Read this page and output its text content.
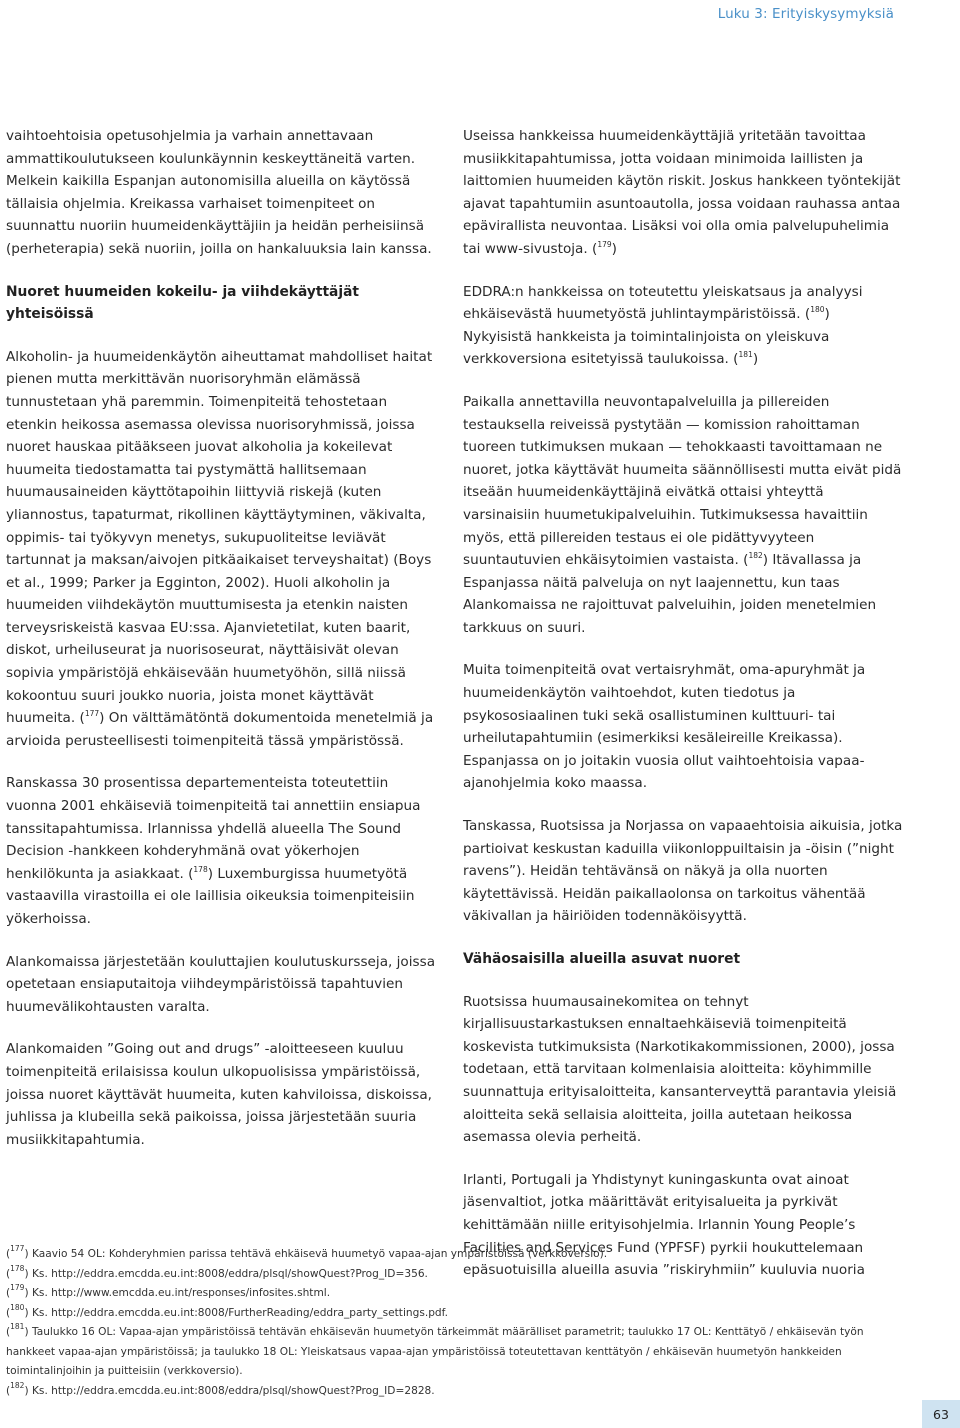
Luku 3: Erityiskysymyksiä

vaihtoehtoisia opetusohjelmia ja varhain annettavaan ammattikoulutukseen koulunkäynnin keskeyttäneitä varten. Melkein kaikilla Espanjan autonomisilla alueilla on käytössä tällaisia ohjelmia. Kreikassa varhaiset toimenpiteet on suunnattu nuoriin huumeidenkäyttäjiin ja heidän perheisiinsä (perheterapia) sekä nuoriin, joilla on hankaluuksia lain kanssa.

Nuoret huumeiden kokeilu- ja viihdekäyttäjät yhteisöissä

Alkoholin- ja huumeidenkäytön aiheuttamat mahdolliset haitat pienen mutta merkittävän nuorisoryhmän elämässä tunnustetaan yhä paremmin. Toimenpiteitä tehostetaan etenkin heikossa asemassa olevissa nuorisoryhmissä, joissa nuoret hauskaa pitääkseen juovat alkoholia ja kokeilevat huumeita tiedostamatta tai pystymättä hallitsemaan huumausaineiden käyttötapoihin liittyviä riskejä (kuten yliannostus, tapaturmat, rikollinen käyttäytyminen, väkivalta, oppimis- tai työkyvyn menetys, sukupuoliteitse leviävät tartunnat ja maksan/aivojen pitkäaikaiset terveyshaitat) (Boys et al., 1999; Parker ja Egginton, 2002). Huoli alkoholin ja huumeiden viihdekäytön muuttumisesta ja etenkin naisten terveysriskeistä kasvaa EU:ssa. Ajanvietetilat, kuten baarit, diskot, urheiluseurat ja nuorisoseurat, näyttäisivät olevan sopivia ympäristöjä ehkäisevään huumetyöhön, sillä niissä kokoontuu suuri joukko nuoria, joista monet käyttävät huumeita. ($^{177}$) On välttämätöntä dokumentoida menetelmiä ja arvioida perusteellisesti toimenpiteitä tässä ympäristössä.

Ranskassa 30 prosentissa departementeista toteutettiin vuonna 2001 ehkäiseviä toimenpiteitä tai annettiin ensiapua tanssitapahtumissa. Irlannissa yhdellä alueella The Sound Decision -hankkeen kohderyhmänä ovat yökerhojen henkilökunta ja asiakkaat. ($^{178}$) Luxemburgissa huumetyötä vastaavilla virastoilla ei ole laillisia oikeuksia toimenpiteisiin yökerhoissa.

Alankomaissa järjestetään kouluttajien koulutuskursseja, joissa opetetaan ensiaputaitoja viihdeympäristöissä tapahtuvien huumevälikohtausten varalta.

Alankomaiden ”Going out and drugs” -aloitteeseen kuuluu toimenpiteitä erilaisissa koulun ulkopuolisissa ympäristöissä, joissa nuoret käyttävät huumeita, kuten kahviloissa, diskoissa, juhlissa ja klubeilla sekä paikoissa, joissa järjestetään suuria musiikkitapahtumia.

Useissa hankkeissa huumeidenkäyttäjiä yritetään tavoittaa musiikkitapahtumissa, jotta voidaan minimoida laillisten ja laittomien huumeiden käytön riskit. Joskus hankkeen työntekijät ajavat tapahtumiin asuntoautolla, jossa voidaan rauhassa antaa epävirallista neuvontaa. Lisäksi voi olla omia palvelupuhelimia tai www-sivustoja. ($^{179}$)

EDDRA:n hankkeissa on toteutettu yleiskatsaus ja analyysi ehkäisevästä huumetyöstä juhlintaympäristöissä. ($^{180}$) Nykyisistä hankkeista ja toimintalinjoista on yleiskuva verkkoversiona esitetyissä taulukoissa. ($^{181}$)

Paikalla annettavilla neuvontapalveluilla ja pillereiden testauksella reiveissä pystytään — komission rahoittaman tuoreen tutkimuksen mukaan — tehokkaasti tavoittamaan ne nuoret, jotka käyttävät huumeita säännöllisesti mutta eivät pidä itseään huumeidenkäyttäjinä eivätkä ottaisi yhteyttä varsinaisiin huumetukipalveluihin. Tutkimuksessa havaittiin myös, että pillereiden testaus ei ole pidättyvyyteen suuntautuvien ehkäisytoimien vastaista. ($^{182}$) Itävallassa ja Espanjassa näitä palveluja on nyt laajennettu, kun taas Alankomaissa ne rajoittuvat palveluihin, joiden menetelmien tarkkuus on suuri.

Muita toimenpiteitä ovat vertaisryhmät, oma-apuryhmät ja huumeidenkäytön vaihtoehdot, kuten tiedotus ja psykososiaalinen tuki sekä osallistuminen kulttuuri- tai urheilutapahtumiin (esimerkiksi kesäleireille Kreikassa). Espanjassa on jo joitakin vuosia ollut vaihtoehtoisia vapaa-ajanohjelmia koko maassa.

Tanskassa, Ruotsissa ja Norjassa on vapaaehtoisia aikuisia, jotka partioivat keskustan kaduilla viikonloppuiltaisin ja -öisin (”night ravens”). Heidän tehtävänsä on näkyä ja olla nuorten käytettävissä. Heidän paikallaolonsa on tarkoitus vähentää väkivallan ja häiriöiden todennäköisyyttä.

Vähäosaisilla alueilla asuvat nuoret

Ruotsissa huumausainekomitea on tehnyt kirjallisuustarkastuksen ennaltaehkäiseviä toimenpiteitä koskevista tutkimuksista (Narkotikakommissionen, 2000), jossa todetaan, että tarvitaan kolmenlaisia aloitteita: köyhimmille suunnattuja erityisaloitteita, kansanterveyttä parantavia yleisiä aloitteita sekä sellaisia aloitteita, joilla autetaan heikossa asemassa olevia perheitä.

Irlanti, Portugali ja Yhdistynyt kuningaskunta ovat ainoat jäsenvaltiot, jotka määrittävät erityisalueita ja pyrkivät kehittämään niille erityisohjelmia. Irlannin Young People’s Facilities and Services Fund (YPFSF) pyrkii houkuttelemaan epäsuotuisilla alueilla asuvia ”riskiryhmiin” kuuluvia nuoria

($^{177}$) Kaavio 54 OL: Kohderyhmien parissa tehtävä ehkäisevä huumetyö vapaa-ajan ympäristöissä (verkkoversio).

($^{178}$) Ks. http://eddra.emcdda.eu.int:8008/eddra/plsql/showQuest?Prog_ID=356.

($^{179}$) Ks. http://www.emcdda.eu.int/responses/infosites.shtml.

($^{180}$) Ks. http://eddra.emcdda.eu.int:8008/FurtherReading/eddra_party_settings.pdf.

($^{181}$) Taulukko 16 OL: Vapaa-ajan ympäristöissä tehtävän ehkäisevän huumetyön tärkeimmät määrälliset parametrit; taulukko 17 OL: Kenttätyö / ehkäisevän työn hankkeet vapaa-ajan ympäristöissä; ja taulukko 18 OL: Yleiskatsaus vapaa-ajan ympäristöissä toteutettavan kenttätyön / ehkäisevän huumetyön hankkeiden toimintalinjoihin ja puitteisiin (verkkoversio).

($^{182}$) Ks. http://eddra.emcdda.eu.int:8008/eddra/plsql/showQuest?Prog_ID=2828.

63
